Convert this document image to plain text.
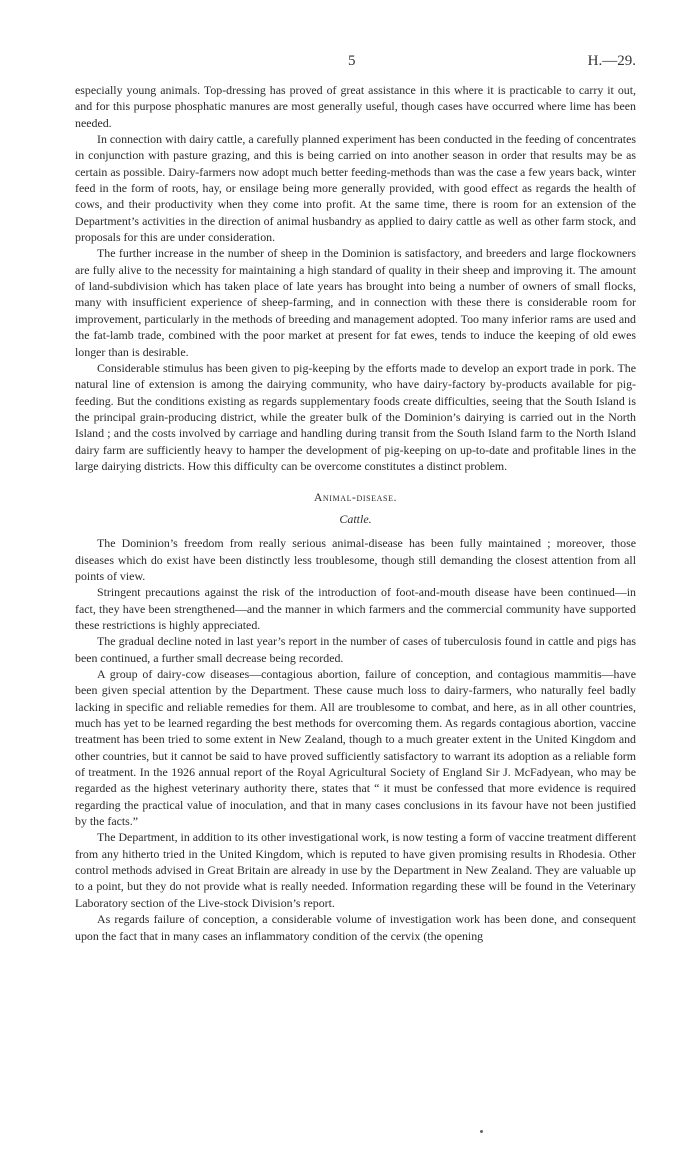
5	H.—29.

especially young animals. Top-dressing has proved of great assistance in this where it is practicable to carry it out, and for this purpose phosphatic manures are most generally useful, though cases have occurred where lime has been needed.

In connection with dairy cattle, a carefully planned experiment has been conducted in the feeding of concentrates in conjunction with pasture grazing, and this is being carried on into another season in order that results may be as certain as possible. Dairy-farmers now adopt much better feeding-methods than was the case a few years back, winter feed in the form of roots, hay, or ensilage being more generally provided, with good effect as regards the health of cows, and their productivity when they come into profit. At the same time, there is room for an extension of the Department’s activities in the direction of animal husbandry as applied to dairy cattle as well as other farm stock, and proposals for this are under consideration.

The further increase in the number of sheep in the Dominion is satisfactory, and breeders and large flockowners are fully alive to the necessity for maintaining a high standard of quality in their sheep and improving it. The amount of land-subdivision which has taken place of late years has brought into being a number of owners of small flocks, many with insufficient experience of sheep-farming, and in connection with these there is considerable room for improvement, particularly in the methods of breeding and management adopted. Too many inferior rams are used and the fat-lamb trade, combined with the poor market at present for fat ewes, tends to induce the keeping of old ewes longer than is desirable.

Considerable stimulus has been given to pig-keeping by the efforts made to develop an export trade in pork. The natural line of extension is among the dairying community, who have dairy-factory by-products available for pig-feeding. But the conditions existing as regards supplementary foods create difficulties, seeing that the South Island is the principal grain-producing district, while the greater bulk of the Dominion’s dairying is carried out in the North Island ; and the costs involved by carriage and handling during transit from the South Island farm to the North Island dairy farm are sufficiently heavy to hamper the development of pig-keeping on up-to-date and profitable lines in the large dairying districts. How this difficulty can be overcome constitutes a distinct problem.

Animal-disease.
Cattle.

The Dominion’s freedom from really serious animal-disease has been fully maintained ; moreover, those diseases which do exist have been distinctly less troublesome, though still demanding the closest attention from all points of view.

Stringent precautions against the risk of the introduction of foot-and-mouth disease have been continued—in fact, they have been strengthened—and the manner in which farmers and the commercial community have supported these restrictions is highly appreciated.

The gradual decline noted in last year’s report in the number of cases of tuberculosis found in cattle and pigs has been continued, a further small decrease being recorded.

A group of dairy-cow diseases—contagious abortion, failure of conception, and contagious mammitis—have been given special attention by the Department. These cause much loss to dairy-farmers, who naturally feel badly lacking in specific and reliable remedies for them. All are troublesome to combat, and here, as in all other countries, much has yet to be learned regarding the best methods for overcoming them. As regards contagious abortion, vaccine treatment has been tried to some extent in New Zealand, though to a much greater extent in the United Kingdom and other countries, but it cannot be said to have proved sufficiently satisfactory to warrant its adoption as a reliable form of treatment. In the 1926 annual report of the Royal Agricultural Society of England Sir J. McFadyean, who may be regarded as the highest veterinary authority there, states that “ it must be confessed that more evidence is required regarding the practical value of inoculation, and that in many cases conclusions in its favour have not been justified by the facts.”

The Department, in addition to its other investigational work, is now testing a form of vaccine treatment different from any hitherto tried in the United Kingdom, which is reputed to have given promising results in Rhodesia. Other control methods advised in Great Britain are already in use by the Department in New Zealand. They are valuable up to a point, but they do not provide what is really needed. Information regarding these will be found in the Veterinary Laboratory section of the Live-stock Division’s report.

As regards failure of conception, a considerable volume of investigation work has been done, and consequent upon the fact that in many cases an inflammatory condition of the cervix (the opening
